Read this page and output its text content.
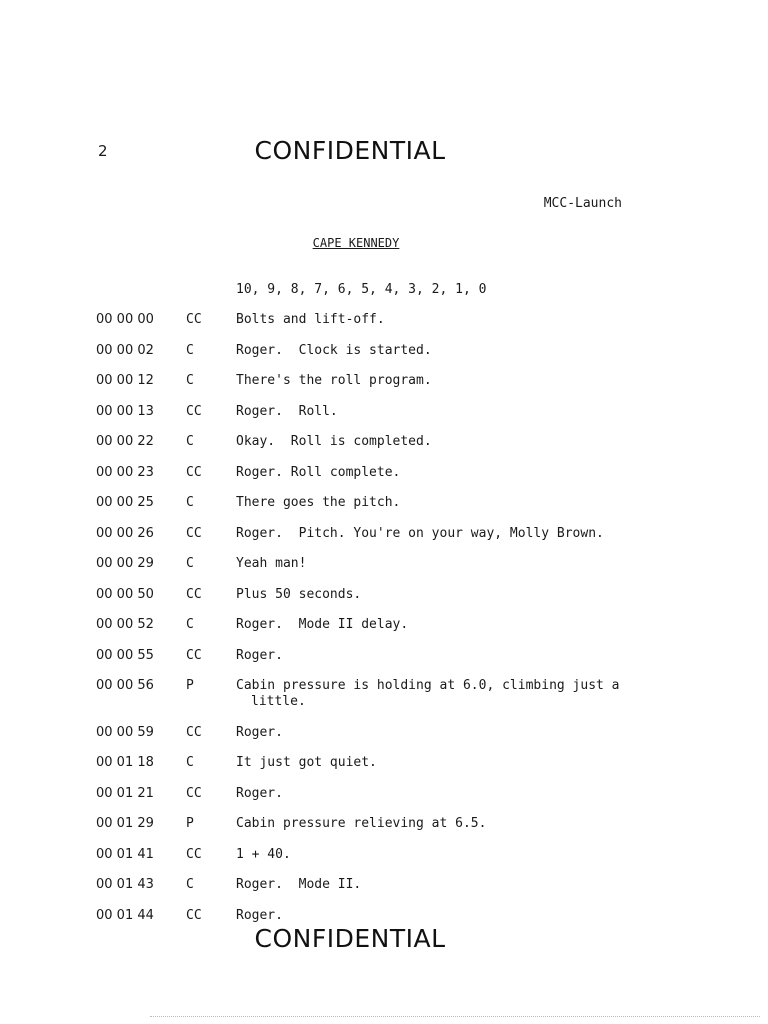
2	CONFIDENTIAL
MCC-Launch
CAPE KENNEDY
10, 9, 8, 7, 6, 5, 4, 3, 2, 1, 0
00 00 00 CC	Bolts and lift-off.
00 00 02 C	Roger.  Clock is started.
00 00 12 C	There's the roll program.
00 00 13 CC	Roger.  Roll.
00 00 22 C	Okay.  Roll is completed.
00 00 23 CC	Roger. Roll complete.
00 00 25 C	There goes the pitch.
00 00 26 CC	Roger.  Pitch. You're on your way, Molly Brown.
00 00 29 C	Yeah man!
00 00 50 CC	Plus 50 seconds.
00 00 52 C	Roger.  Mode II delay.
00 00 55 CC	Roger.
00 00 56 P	Cabin pressure is holding at 6.0, climbing just a
little.
00 00 59 CC	Roger.
00 01 18 C	It just got quiet.
00 01 21 CC	Roger.
00 01 29 P	Cabin pressure relieving at 6.5.
00 01 41 CC	1 + 40.
00 01 43 C	Roger.  Mode II.
00 01 44 CC	Roger.
CONFIDENTIAL
